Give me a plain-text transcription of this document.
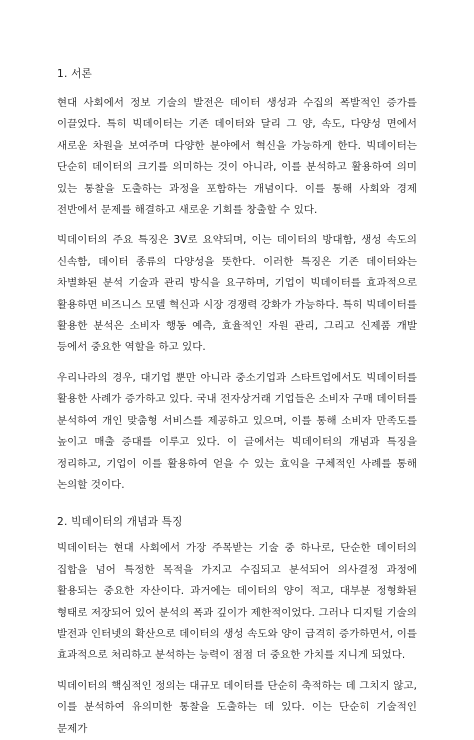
1. 서론

현대 사회에서 정보 기술의 발전은 데이터 생성과 수집의 폭발적인 증가를 이끌었다. 특히 빅데이터는 기존 데이터와 달리 그 양, 속도, 다양성 면에서 새로운 차원을 보여주며 다양한 분야에서 혁신을 가능하게 한다. 빅데이터는 단순히 데이터의 크기를 의미하는 것이 아니라, 이를 분석하고 활용하여 의미 있는 통찰을 도출하는 과정을 포함하는 개념이다. 이를 통해 사회와 경제 전반에서 문제를 해결하고 새로운 기회를 창출할 수 있다.

빅데이터의 주요 특징은 3V로 요약되며, 이는 데이터의 방대함, 생성 속도의 신속함, 데이터 종류의 다양성을 뜻한다. 이러한 특징은 기존 데이터와는 차별화된 분석 기술과 관리 방식을 요구하며, 기업이 빅데이터를 효과적으로 활용하면 비즈니스 모델 혁신과 시장 경쟁력 강화가 가능하다. 특히 빅데이터를 활용한 분석은 소비자 행동 예측, 효율적인 자원 관리, 그리고 신제품 개발 등에서 중요한 역할을 하고 있다.

우리나라의 경우, 대기업 뿐만 아니라 중소기업과 스타트업에서도 빅데이터를 활용한 사례가 증가하고 있다. 국내 전자상거래 기업들은 소비자 구매 데이터를 분석하여 개인 맞춤형 서비스를 제공하고 있으며, 이를 통해 소비자 만족도를 높이고 매출 증대를 이루고 있다. 이 글에서는 빅데이터의 개념과 특징을 정리하고, 기업이 이를 활용하여 얻을 수 있는 효익을 구체적인 사례를 통해 논의할 것이다.

2. 빅데이터의 개념과 특징

빅데이터는 현대 사회에서 가장 주목받는 기술 중 하나로, 단순한 데이터의 집합을 넘어 특정한 목적을 가지고 수집되고 분석되어 의사결정 과정에 활용되는 중요한 자산이다. 과거에는 데이터의 양이 적고, 대부분 정형화된 형태로 저장되어 있어 분석의 폭과 깊이가 제한적이었다. 그러나 디지털 기술의 발전과 인터넷의 확산으로 데이터의 생성 속도와 양이 급격히 증가하면서, 이를 효과적으로 처리하고 분석하는 능력이 점점 더 중요한 가치를 지니게 되었다.

빅데이터의 핵심적인 정의는 대규모 데이터를 단순히 축적하는 데 그치지 않고, 이를 분석하여 유의미한 통찰을 도출하는 데 있다. 이는 단순히 기술적인 문제가
